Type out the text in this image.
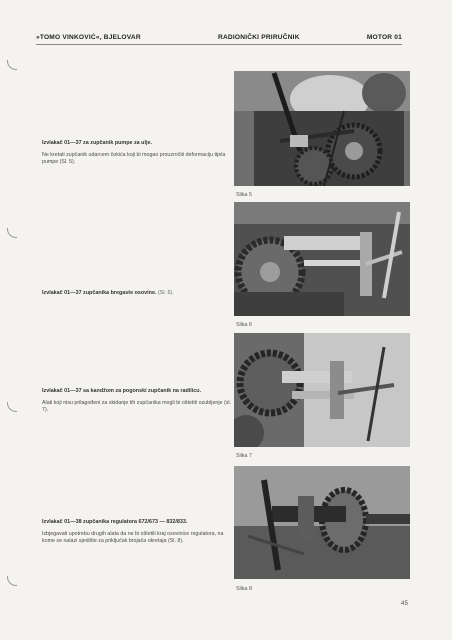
»TOMO VINKOVIĆ«, BJELOVAR	RADIONIČKI PRIRUČNIK	MOTOR 01
Izvlakač 01—37 za zupčanik pumpe za ulje.
Ne kretati zupčanik udarcem čekića koji bi mogao prouzročiti deformaciju tijela pumpe (Sl. 5).
Slika 5
Izvlakač 01—37 zupčanika bregaste osovine. (Sl. 6).
Slika 6
Izvlakač 01—37 sa kandžom za pogonski zupčanik na radilicu.
Alati koji nisu prilagođeni za skidanje tih zupčanika mogli bi oštetiti ozubljenje (sl. 7).
Slika 7
Izvlakač 01—38 zupčanika regulatora 672/673 — 832/833.
Izbjegavati upotrebu drugih alata da ne bi oštetili kraj osovinice regulatora, na kome se nalazi sjedište za priključak brojača okretaja (Sl. 8).
Slika 8
45
